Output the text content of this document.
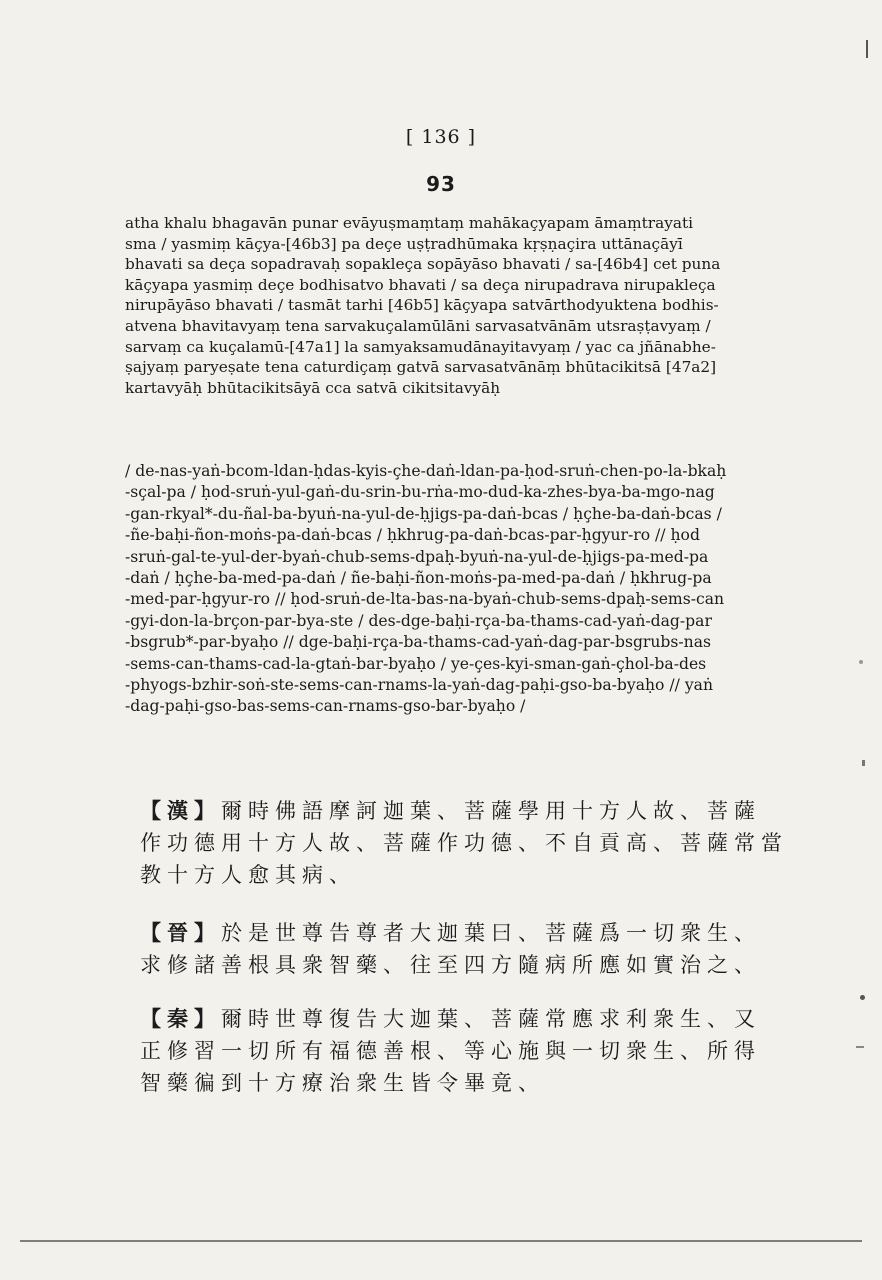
[ 136 ]
93
atha khalu bhagavān punar evāyuṣmaṃtaṃ mahākaçyapam āmaṃtrayati
sma / yasmiṃ kāçya-[46b3] pa deçe uṣṭradhūmaka kṛṣṇaçira uttānaçāyī
bhavati sa deça sopadravaḥ sopakleça sopāyāso bhavati / sa-[46b4] cet puna
kāçyapa yasmiṃ deçe bodhisatvo bhavati / sa deça nirupadrava nirupakleça
nirupāyāso bhavati / tasmāt tarhi [46b5] kāçyapa satvārthodyuktena bodhis-
atvena bhavitavyaṃ tena sarvakuçalamūlāni sarvasatvānām utsraṣṭavyaṃ /
sarvaṃ ca kuçalamū-[47a1] la samyaksamudānayitavyaṃ / yac ca jñānabhe-
ṣajyaṃ paryeṣate tena caturdiçaṃ gatvā sarvasatvānāṃ bhūtacikitsā [47a2]
kartavyāḥ bhūtacikitsāyā cca satvā cikitsitavyāḥ
/ de-nas-yaṅ-bcom-ldan-ḥdas-kyis-çhe-daṅ-ldan-pa-ḥod-sruṅ-chen-po-la-bkaḥ
-sçal-pa / ḥod-sruṅ-yul-gaṅ-du-srin-bu-rṅa-mo-dud-ka-zhes-bya-ba-mgo-nag
-gan-rkyal*-du-ñal-ba-byuṅ-na-yul-de-ḥjigs-pa-daṅ-bcas / ḥçhe-ba-daṅ-bcas /
-ñe-baḥi-ñon-moṅs-pa-daṅ-bcas / ḥkhrug-pa-daṅ-bcas-par-ḥgyur-ro // ḥod
-sruṅ-gal-te-yul-der-byaṅ-chub-sems-dpaḥ-byuṅ-na-yul-de-ḥjigs-pa-med-pa
-daṅ / ḥçhe-ba-med-pa-daṅ / ñe-baḥi-ñon-moṅs-pa-med-pa-daṅ / ḥkhrug-pa
-med-par-ḥgyur-ro // ḥod-sruṅ-de-lta-bas-na-byaṅ-chub-sems-dpaḥ-sems-can
-gyi-don-la-brçon-par-bya-ste / des-dge-baḥi-rça-ba-thams-cad-yaṅ-dag-par
-bsgrub*-par-byaḥo // dge-baḥi-rça-ba-thams-cad-yaṅ-dag-par-bsgrubs-nas
-sems-can-thams-cad-la-gtaṅ-bar-byaḥo / ye-çes-kyi-sman-gaṅ-çhol-ba-des
-phyogs-bzhir-soṅ-ste-sems-can-rnams-la-yaṅ-dag-paḥi-gso-ba-byaḥo // yaṅ
-dag-paḥi-gso-bas-sems-can-rnams-gso-bar-byaḥo /
【漢】爾時佛語摩訶迦葉、菩薩學用十方人故、菩薩
作功德用十方人故、菩薩作功德、不自貢高、菩薩常當
教十方人愈其病、
【晉】於是世尊告尊者大迦葉曰、菩薩爲一切衆生、
求修諸善根具衆智藥、往至四方隨病所應如實治之、
【秦】爾時世尊復告大迦葉、菩薩常應求利衆生、又
正修習一切所有福德善根、等心施與一切衆生、所得
智藥徧到十方療治衆生皆令畢竟、
